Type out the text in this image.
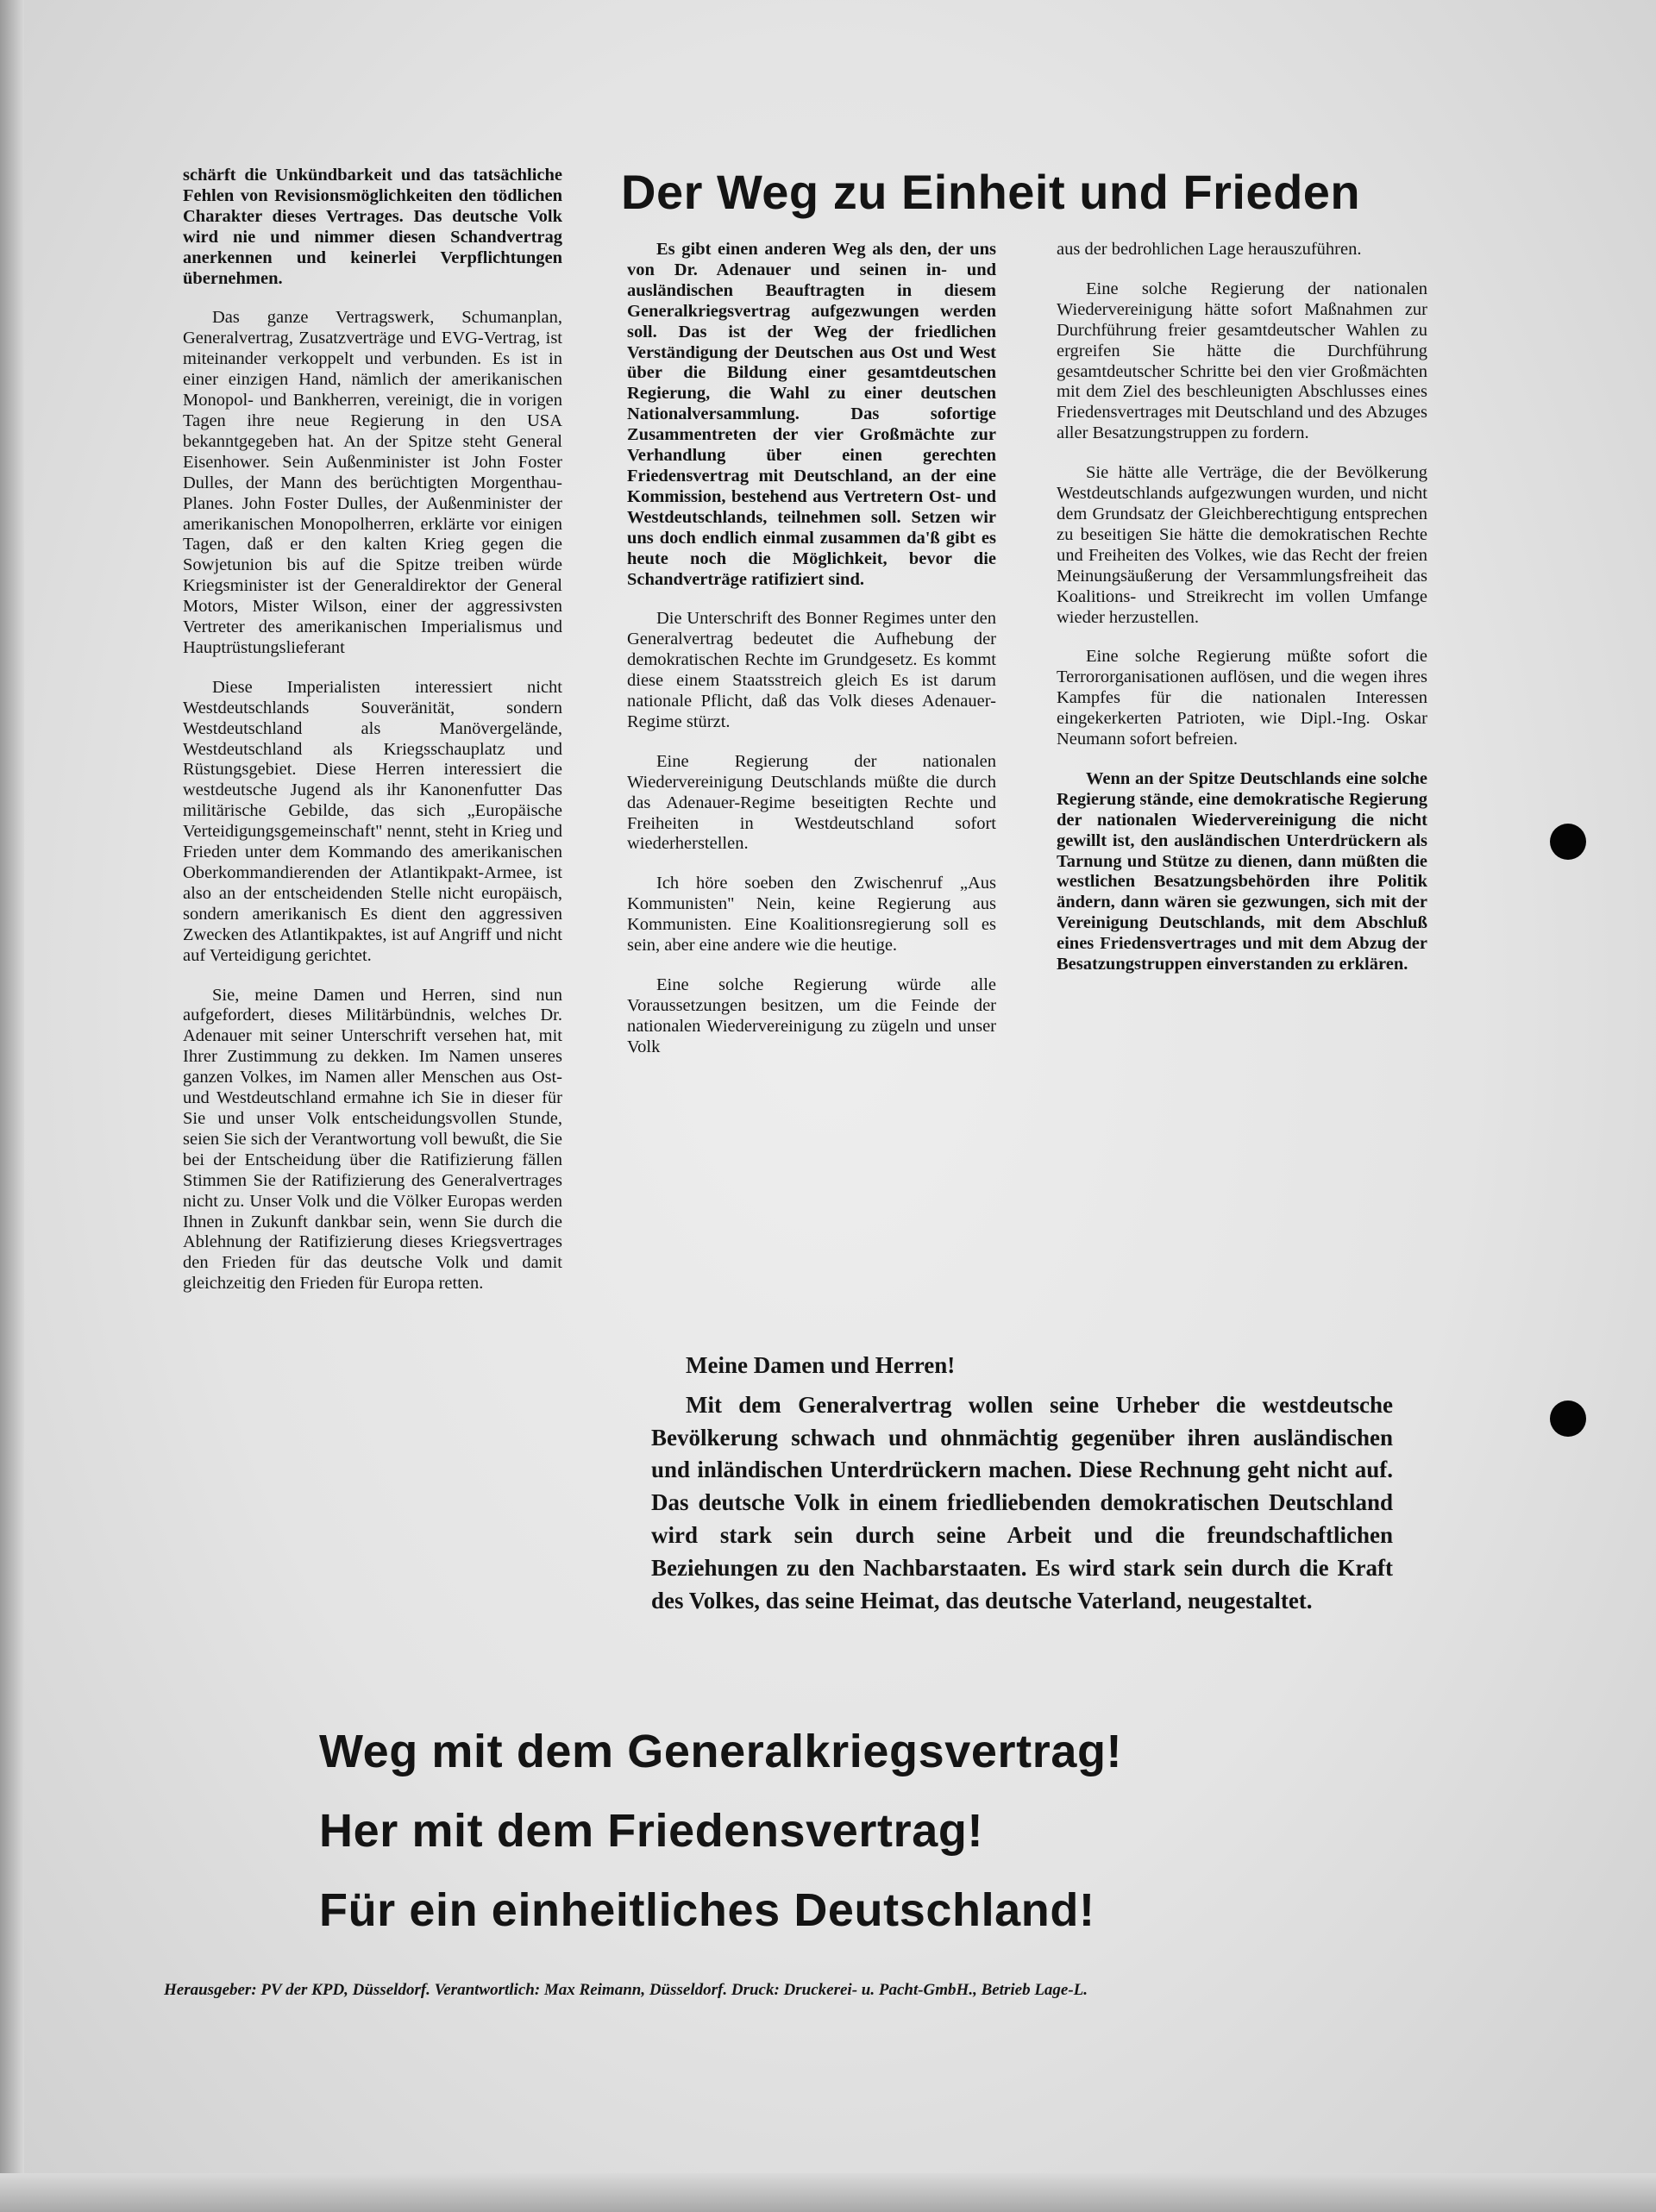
Der Weg zu Einheit und Frieden

schärft die Unkündbarkeit und das tatsächliche Fehlen von Revisionsmöglichkeiten den tödlichen Charakter dieses Vertrages. Das deutsche Volk wird nie und nimmer diesen Schandvertrag anerkennen und keinerlei Verpflichtungen übernehmen.

Das ganze Vertragswerk, Schumanplan, Generalvertrag, Zusatzverträge und EVG-Vertrag, ist miteinander verkoppelt und verbunden. Es ist in einer einzigen Hand, nämlich der amerikanischen Monopol- und Bankherren, vereinigt, die in vorigen Tagen ihre neue Regierung in den USA bekanntgegeben hat. An der Spitze steht General Eisenhower. Sein Außenminister ist John Foster Dulles, der Mann des berüchtigten Morgenthau-Planes. John Foster Dulles, der Außenminister der amerikanischen Monopolherren, erklärte vor einigen Tagen, daß er den kalten Krieg gegen die Sowjetunion bis auf die Spitze treiben würde Kriegsminister ist der Generaldirektor der General Motors, Mister Wilson, einer der aggressivsten Vertreter des amerikanischen Imperialismus und Hauptrüstungslieferant

Diese Imperialisten interessiert nicht Westdeutschlands Souveränität, sondern Westdeutschland als Manövergelände, Westdeutschland als Kriegsschauplatz und Rüstungsgebiet. Diese Herren interessiert die westdeutsche Jugend als ihr Kanonenfutter Das militärische Gebilde, das sich „Europäische Verteidigungsgemeinschaft" nennt, steht in Krieg und Frieden unter dem Kommando des amerikanischen Oberkommandierenden der Atlantikpakt-Armee, ist also an der entscheidenden Stelle nicht europäisch, sondern amerikanisch Es dient den aggressiven Zwecken des Atlantikpaktes, ist auf Angriff und nicht auf Verteidigung gerichtet.

Sie, meine Damen und Herren, sind nun aufgefordert, dieses Militärbündnis, welches Dr. Adenauer mit seiner Unterschrift versehen hat, mit Ihrer Zustimmung zu dekken. Im Namen unseres ganzen Volkes, im Namen aller Menschen aus Ost- und Westdeutschland ermahne ich Sie in dieser für Sie und unser Volk entscheidungsvollen Stunde, seien Sie sich der Verantwortung voll bewußt, die Sie bei der Entscheidung über die Ratifizierung fällen Stimmen Sie der Ratifizierung des Generalvertrages nicht zu. Unser Volk und die Völker Europas werden Ihnen in Zukunft dankbar sein, wenn Sie durch die Ablehnung der Ratifizierung dieses Kriegsvertrages den Frieden für das deutsche Volk und damit gleichzeitig den Frieden für Europa retten.

Es gibt einen anderen Weg als den, der uns von Dr. Adenauer und seinen in- und ausländischen Beauftragten in diesem Generalkriegsvertrag aufgezwungen werden soll. Das ist der Weg der friedlichen Verständigung der Deutschen aus Ost und West über die Bildung einer gesamtdeutschen Regierung, die Wahl zu einer deutschen Nationalversammlung. Das sofortige Zusammentreten der vier Großmächte zur Verhandlung über einen gerechten Friedensvertrag mit Deutschland, an der eine Kommission, bestehend aus Vertretern Ost- und Westdeutschlands, teilnehmen soll. Setzen wir uns doch endlich einmal zusammen da'ß gibt es heute noch die Möglichkeit, bevor die Schandverträge ratifiziert sind.

Die Unterschrift des Bonner Regimes unter den Generalvertrag bedeutet die Aufhebung der demokratischen Rechte im Grundgesetz. Es kommt diese einem Staatsstreich gleich Es ist darum nationale Pflicht, daß das Volk dieses Adenauer-Regime stürzt.

Eine Regierung der nationalen Wiedervereinigung Deutschlands müßte die durch das Adenauer-Regime beseitigten Rechte und Freiheiten in Westdeutschland sofort wiederherstellen.

Ich höre soeben den Zwischenruf „Aus Kommunisten" Nein, keine Regierung aus Kommunisten. Eine Koalitionsregierung soll es sein, aber eine andere wie die heutige.

Eine solche Regierung würde alle Voraussetzungen besitzen, um die Feinde der nationalen Wiedervereinigung zu zügeln und unser Volk

aus der bedrohlichen Lage herauszuführen.

Eine solche Regierung der nationalen Wiedervereinigung hätte sofort Maßnahmen zur Durchführung freier gesamtdeutscher Wahlen zu ergreifen Sie hätte die Durchführung gesamtdeutscher Schritte bei den vier Großmächten mit dem Ziel des beschleunigten Abschlusses eines Friedensvertrages mit Deutschland und des Abzuges aller Besatzungstruppen zu fordern.

Sie hätte alle Verträge, die der Bevölkerung Westdeutschlands aufgezwungen wurden, und nicht dem Grundsatz der Gleichberechtigung entsprechen zu beseitigen Sie hätte die demokratischen Rechte und Freiheiten des Volkes, wie das Recht der freien Meinungsäußerung der Versammlungsfreiheit das Koalitions- und Streikrecht im vollen Umfange wieder herzustellen.

Eine solche Regierung müßte sofort die Terrororganisationen auflösen, und die wegen ihres Kampfes für die nationalen Interessen eingekerkerten Patrioten, wie Dipl.-Ing. Oskar Neumann sofort befreien.

Wenn an der Spitze Deutschlands eine solche Regierung stände, eine demokratische Regierung der nationalen Wiedervereinigung die nicht gewillt ist, den ausländischen Unterdrückern als Tarnung und Stütze zu dienen, dann müßten die westlichen Besatzungsbehörden ihre Politik ändern, dann wären sie gezwungen, sich mit der Vereinigung Deutschlands, mit dem Abschluß eines Friedensvertrages und mit dem Abzug der Besatzungstruppen einverstanden zu erklären.

Meine Damen und Herren!

Mit dem Generalvertrag wollen seine Urheber die westdeutsche Bevölkerung schwach und ohnmächtig gegenüber ihren ausländischen und inländischen Unterdrückern machen. Diese Rechnung geht nicht auf. Das deutsche Volk in einem friedliebenden demokratischen Deutschland wird stark sein durch seine Arbeit und die freundschaftlichen Beziehungen zu den Nachbarstaaten. Es wird stark sein durch die Kraft des Volkes, das seine Heimat, das deutsche Vaterland, neugestaltet.

Weg mit dem Generalkriegsvertrag!
Her mit dem Friedensvertrag!
Für ein einheitliches Deutschland!
Herausgeber: PV der KPD, Düsseldorf. Verantwortlich: Max Reimann, Düsseldorf. Druck: Druckerei- u. Pacht-GmbH., Betrieb Lage-L.
